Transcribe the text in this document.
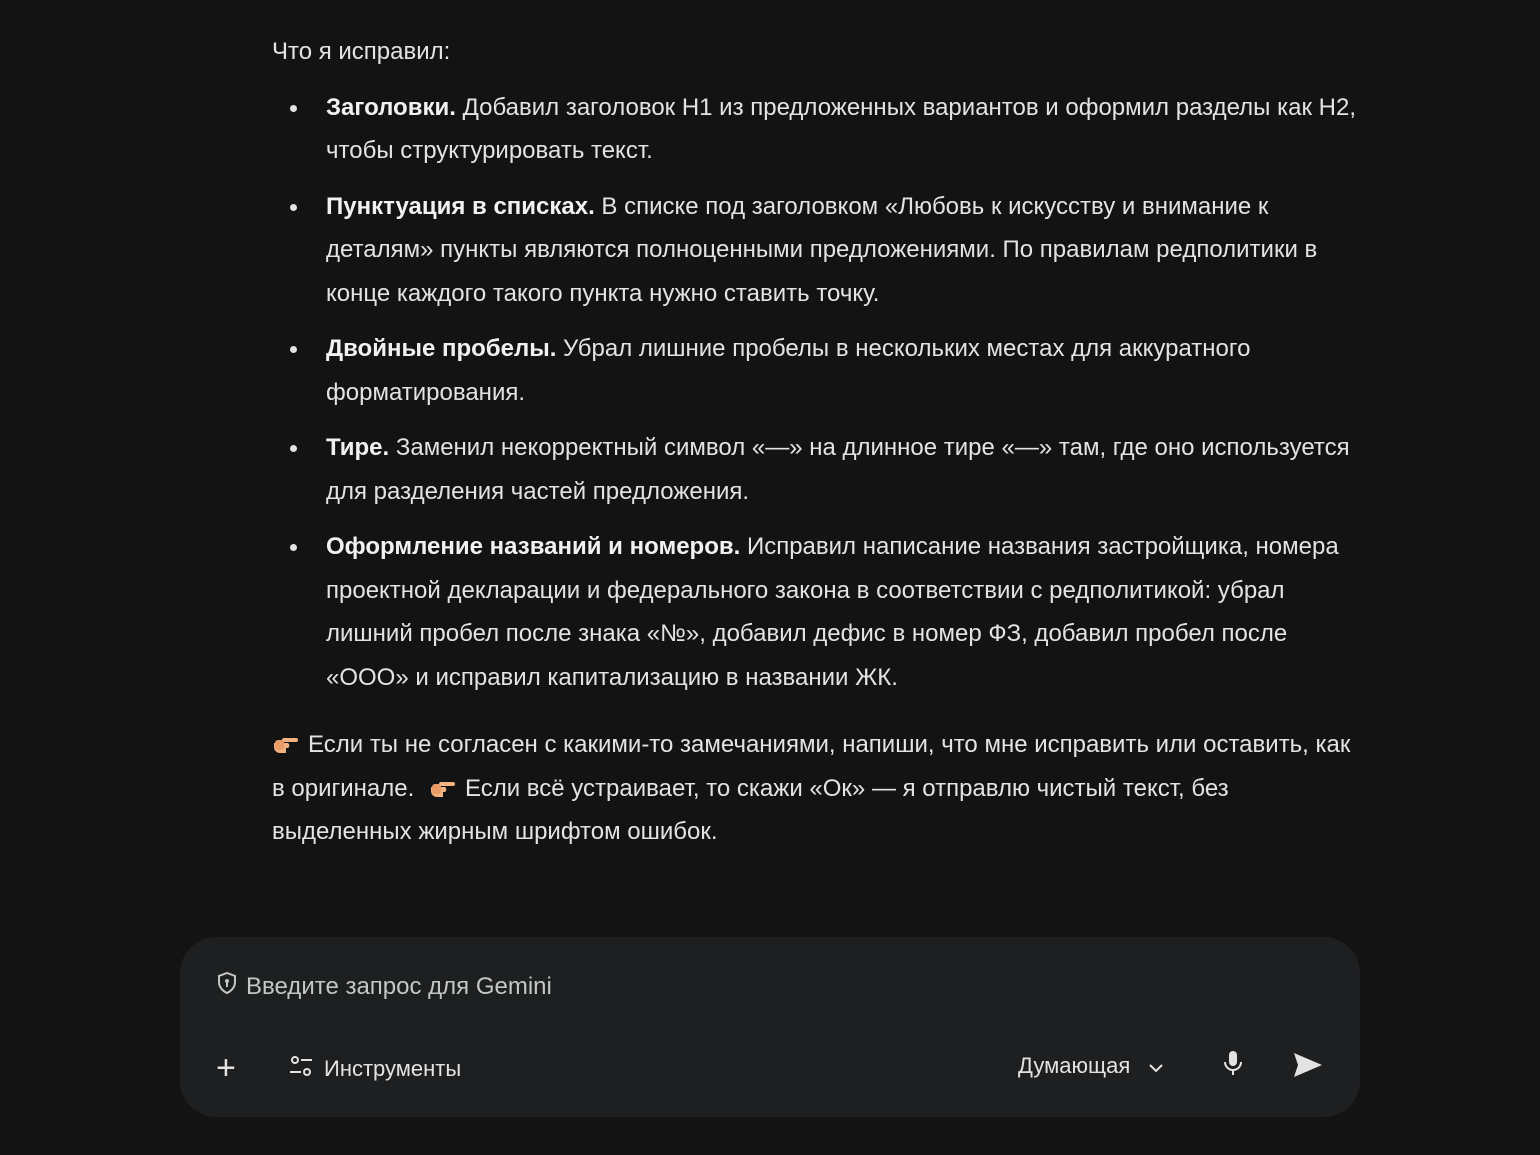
Что я исправил:

Заголовки. Добавил заголовок H1 из предложенных вариантов и оформил разделы как H2, чтобы структурировать текст.
Пунктуация в списках. В списке под заголовком «Любовь к искусству и внимание к деталям» пункты являются полноценными предложениями. По правилам редполитики в конце каждого такого пункта нужно ставить точку.
Двойные пробелы. Убрал лишние пробелы в нескольких местах для аккуратного форматирования.
Тире. Заменил некорректный символ «—» на длинное тире «—» там, где оно используется для разделения частей предложения.
Оформление названий и номеров. Исправил написание названия застройщика, номера проектной декларации и федерального закона в соответствии с редполитикой: убрал лишний пробел после знака «№», добавил дефис в номер ФЗ, добавил пробел после «ООО» и исправил капитализацию в названии ЖК.

Если ты не согласен с какими-то замечаниями, напиши, что мне исправить или оставить, как в оригинале. Если всё устраивает, то скажи «Ок» — я отправлю чистый текст, без выделенных жирным шрифтом ошибок.

Введите запрос для Gemini
+	Инструменты	Думающая
